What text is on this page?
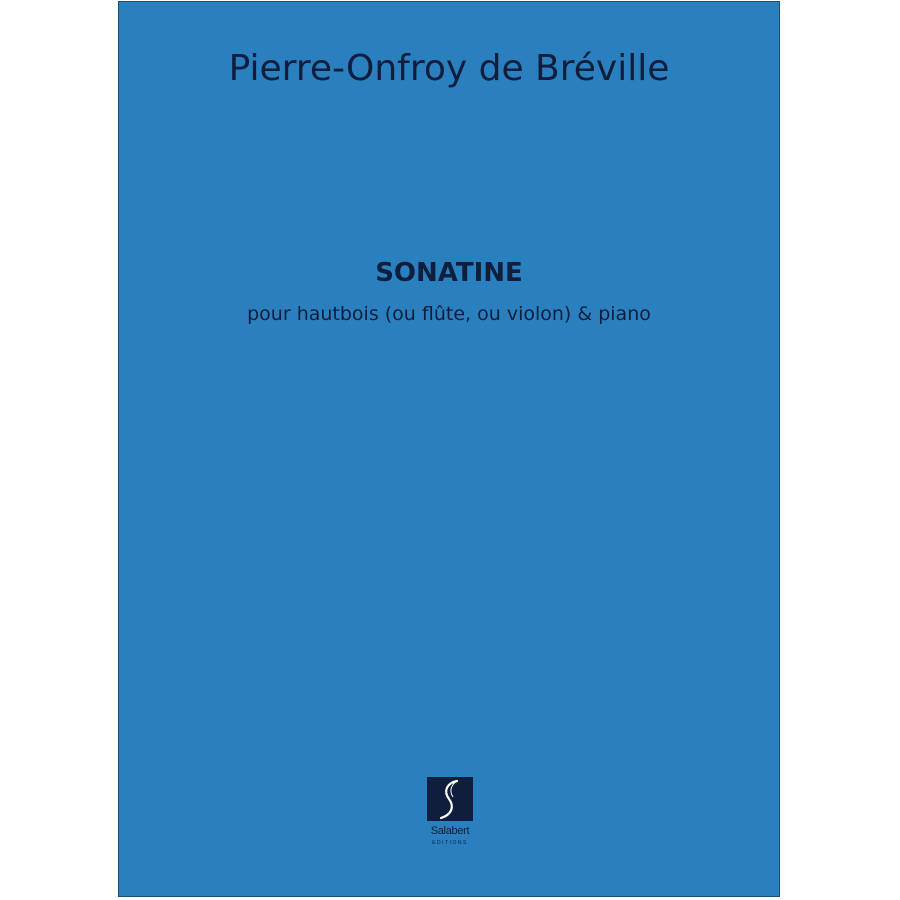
Pierre-Onfroy de Bréville
SONATINE
pour hautbois (ou flûte, ou violon) & piano
Salabert
EDITIONS
